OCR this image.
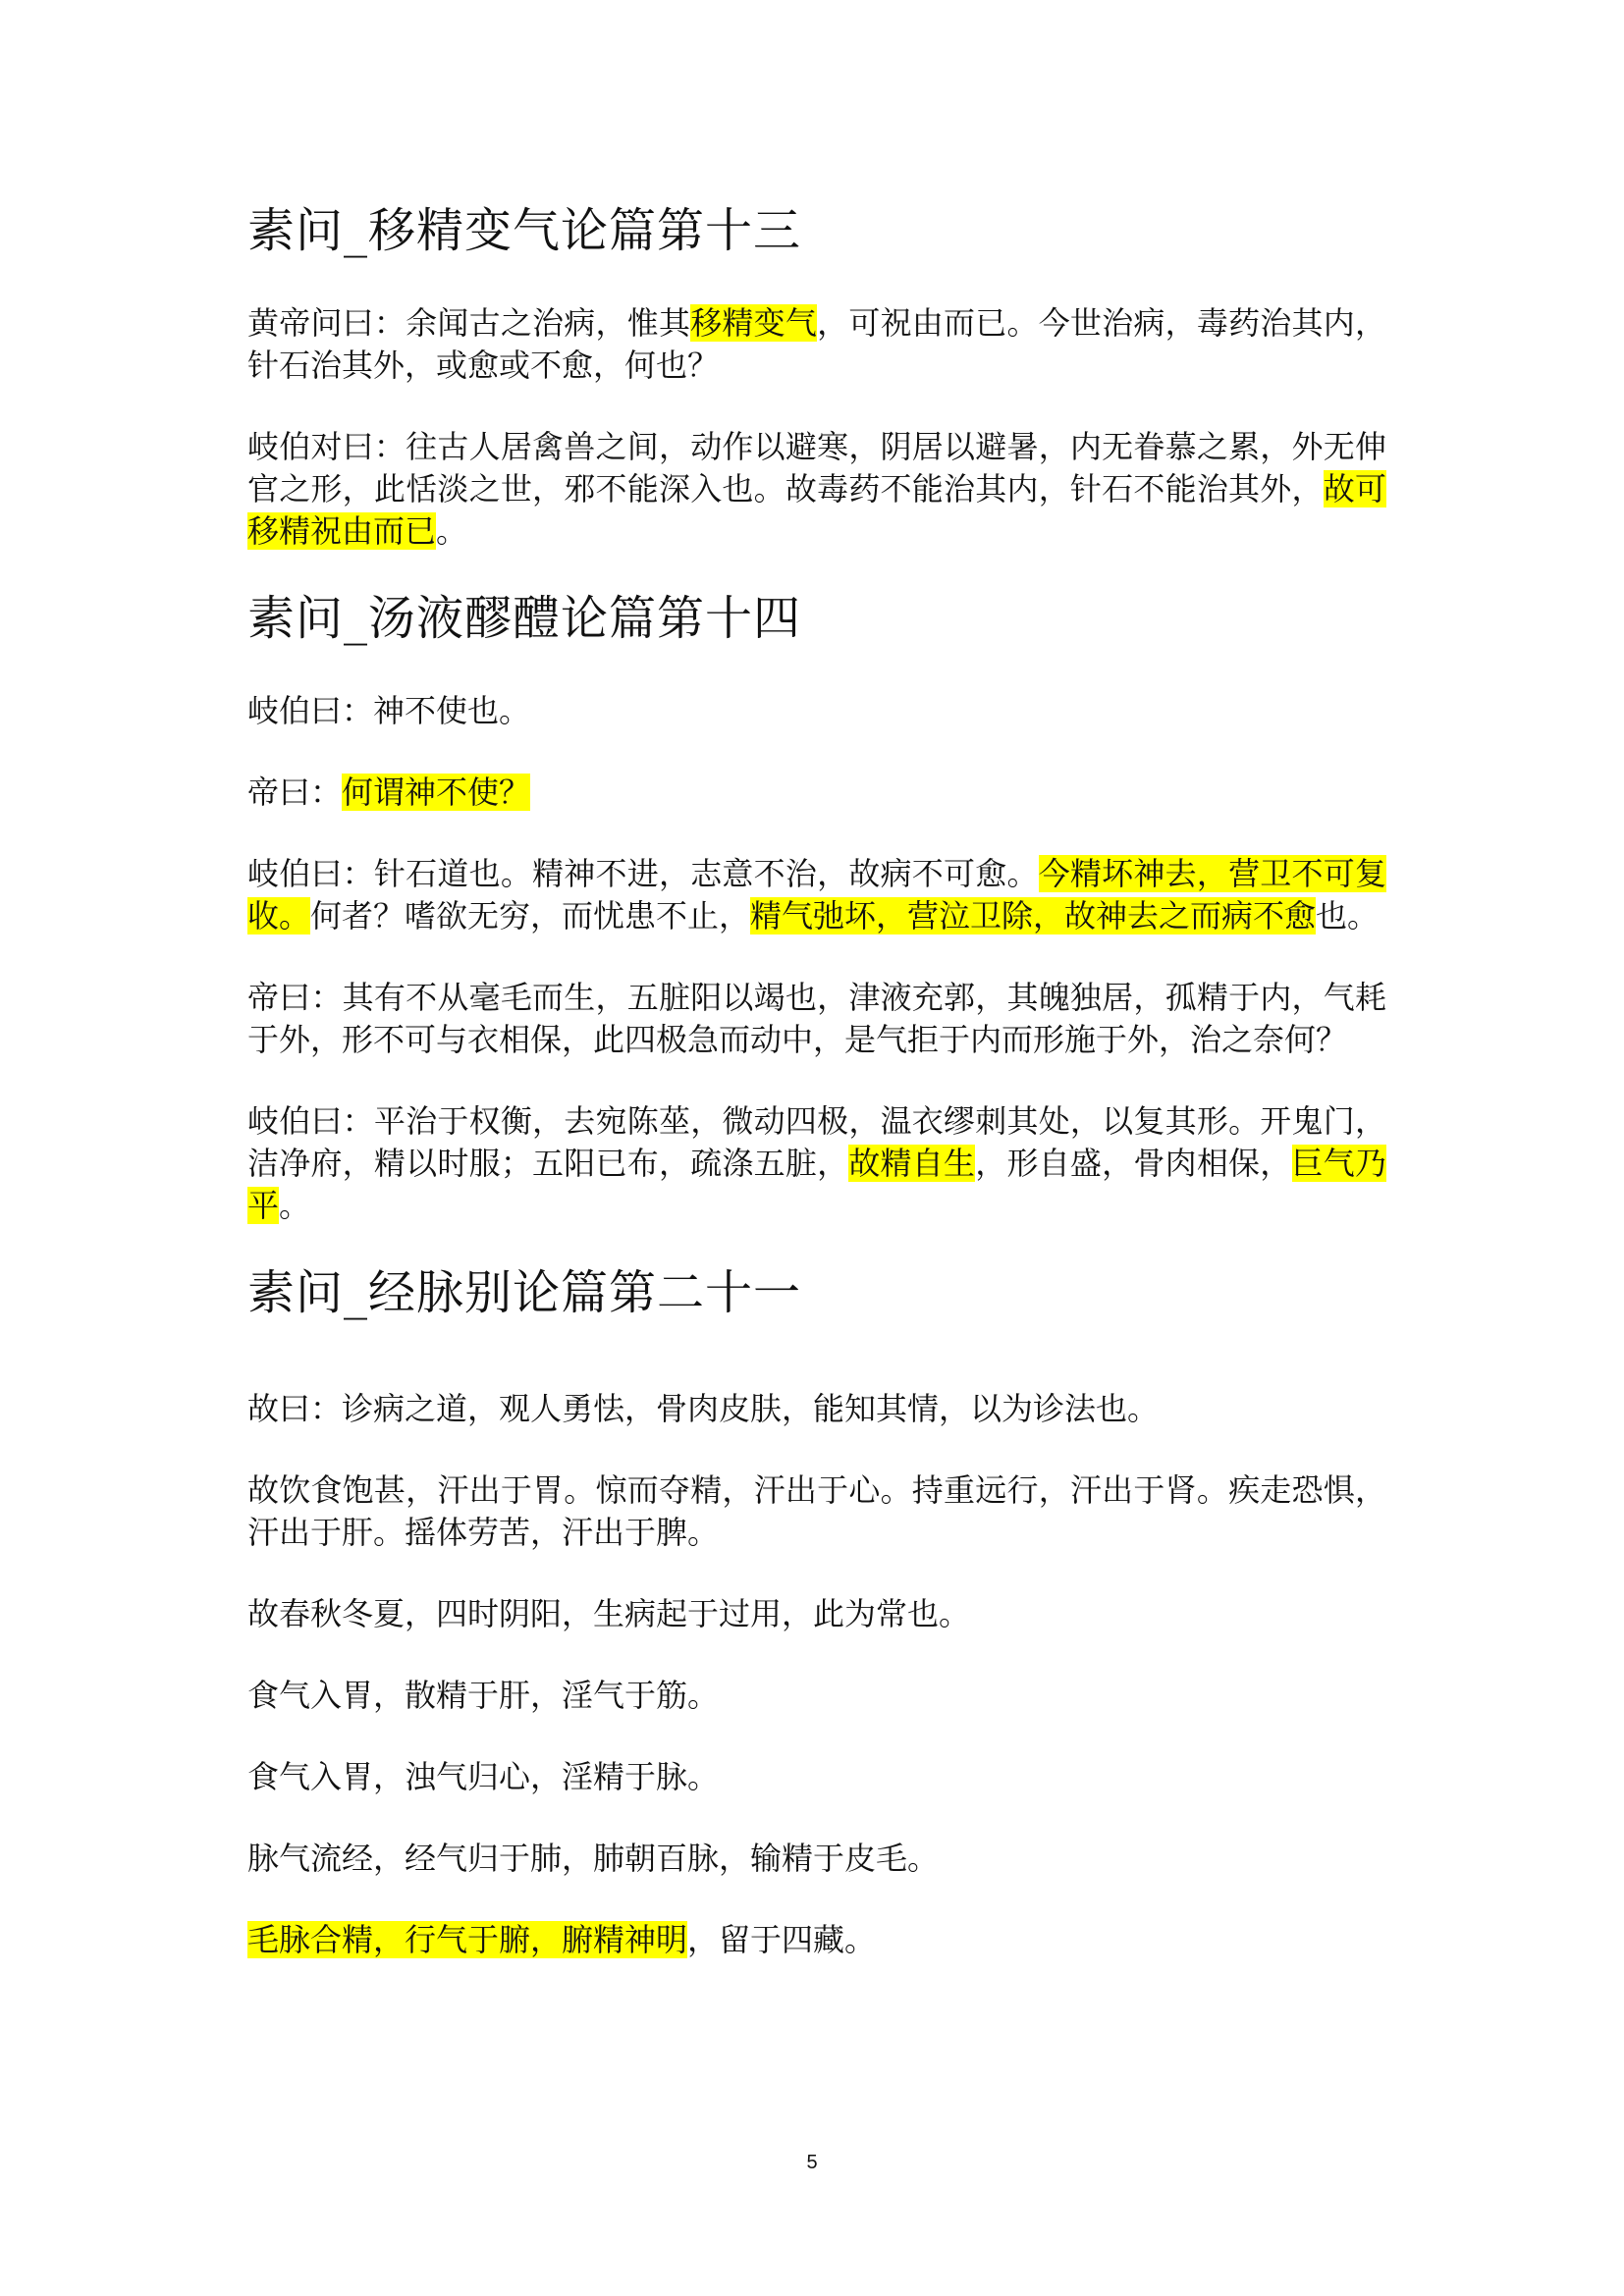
素问_移精变气论篇第十三

黄帝问曰：余闻古之治病，惟其移精变气，可祝由而已。今世治病，毒药治其内，针石治其外，或愈或不愈，何也？

岐伯对曰：往古人居禽兽之间，动作以避寒，阴居以避暑，内无眷慕之累，外无伸官之形，此恬淡之世，邪不能深入也。故毒药不能治其内，针石不能治其外，故可移精祝由而已。

素问_汤液醪醴论篇第十四

岐伯曰：神不使也。

帝曰：何谓神不使？

岐伯曰：针石道也。精神不进，志意不治，故病不可愈。今精坏神去，营卫不可复收。何者？嗜欲无穷，而忧患不止，精气弛坏，营泣卫除，故神去之而病不愈也。

帝曰：其有不从毫毛而生，五脏阳以竭也，津液充郭，其魄独居，孤精于内，气耗于外，形不可与衣相保，此四极急而动中，是气拒于内而形施于外，治之奈何？

岐伯曰：平治于权衡，去宛陈莝，微动四极，温衣缪刺其处，以复其形。开鬼门，洁净府，精以时服；五阳已布，疏涤五脏，故精自生，形自盛，骨肉相保，巨气乃平。

素问_经脉别论篇第二十一

故曰：诊病之道，观人勇怯，骨肉皮肤，能知其情，以为诊法也。

故饮食饱甚，汗出于胃。惊而夺精，汗出于心。持重远行，汗出于肾。疾走恐惧，汗出于肝。摇体劳苦，汗出于脾。

故春秋冬夏，四时阴阳，生病起于过用，此为常也。

食气入胃，散精于肝，淫气于筋。

食气入胃，浊气归心，淫精于脉。

脉气流经，经气归于肺，肺朝百脉，输精于皮毛。

毛脉合精，行气于腑，腑精神明，留于四藏。

5
